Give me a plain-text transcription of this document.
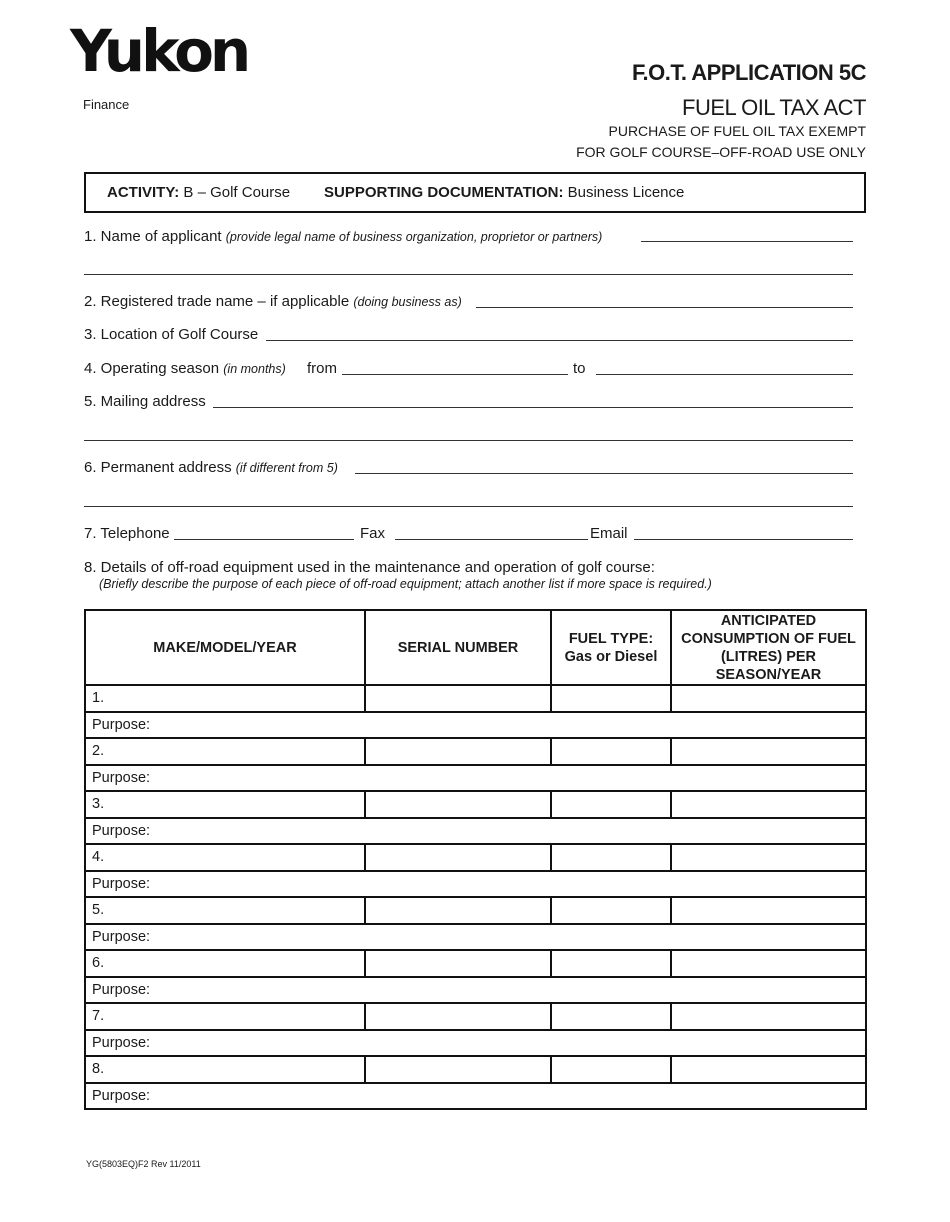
Yukon
Finance
F.O.T. APPLICATION 5C
FUEL OIL TAX ACT
PURCHASE OF FUEL OIL TAX EXEMPT
FOR GOLF COURSE–OFF-ROAD USE ONLY
ACTIVITY: B – Golf Course SUPPORTING DOCUMENTATION: Business Licence
1. Name of applicant (provide legal name of business organization, proprietor or partners)
2. Registered trade name – if applicable (doing business as)
3. Location of Golf Course
4. Operating season (in months) from	to
5. Mailing address
6. Permanent address (if different from 5)
7. Telephone	Fax	Email
8. Details of off-road equipment used in the maintenance and operation of golf course:
(Briefly describe the purpose of each piece of off-road equipment; attach another list if more space is required.)
MAKE/MODEL/YEAR	SERIAL NUMBER	FUEL TYPE: Gas or Diesel	ANTICIPATED CONSUMPTION OF FUEL (LITRES) PER SEASON/YEAR
1.			
Purpose:			
2.			
Purpose:			
3.			
Purpose:			
4.			
Purpose:			
5.			
Purpose:			
6.			
Purpose:			
7.			
Purpose:			
8.			
Purpose:			
YG(5803EQ)F2 Rev 11/2011
